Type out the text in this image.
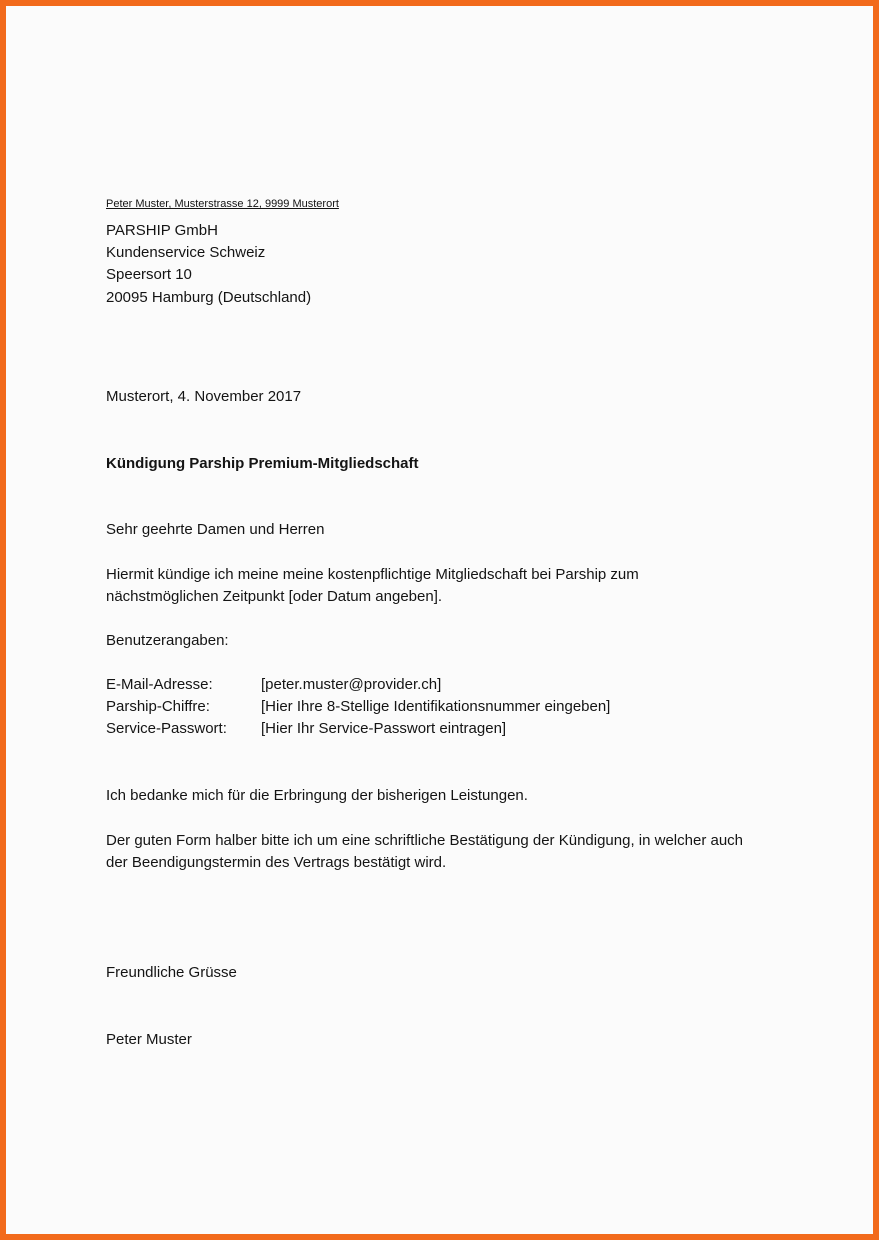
Peter Muster, Musterstrasse 12, 9999 Musterort
PARSHIP GmbH
Kundenservice Schweiz
Speersort 10
20095 Hamburg (Deutschland)
Musterort, 4. November 2017
Kündigung Parship Premium-Mitgliedschaft
Sehr geehrte Damen und Herren
Hiermit kündige ich meine meine kostenpflichtige Mitgliedschaft bei Parship zum
nächstmöglichen Zeitpunkt [oder Datum angeben].
Benutzerangaben:
E-Mail-Adresse:	[peter.muster@provider.ch]
Parship-Chiffre:	[Hier Ihre 8-Stellige Identifikationsnummer eingeben]
Service-Passwort: [Hier Ihr Service-Passwort eintragen]
Ich bedanke mich für die Erbringung der bisherigen Leistungen.
Der guten Form halber bitte ich um eine schriftliche Bestätigung der Kündigung, in welcher auch
der Beendigungstermin des Vertrags bestätigt wird.
Freundliche Grüsse
Peter Muster
